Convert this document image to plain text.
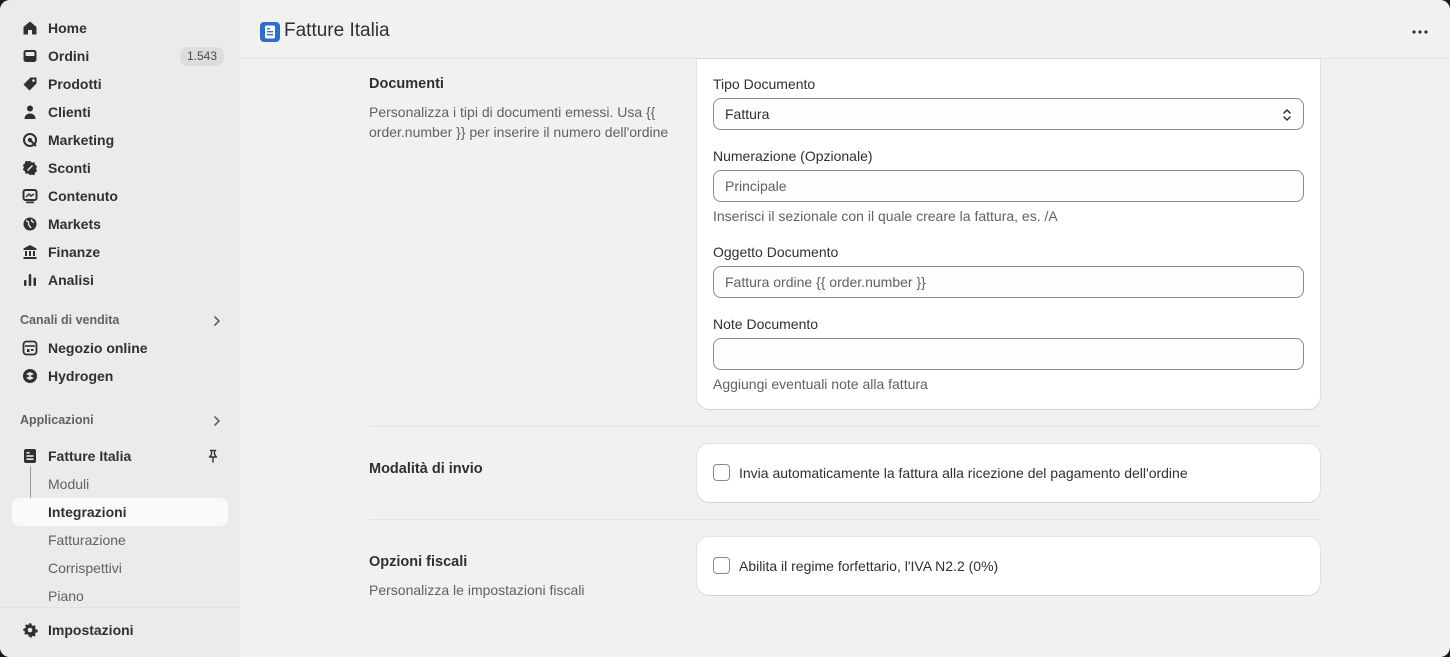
Home
Ordini	1.543
Prodotti
Clienti
Marketing
Sconti
Contenuto
Markets
Finanze
Analisi
Canali di vendita
Negozio online
Hydrogen
Applicazioni
Fatture Italia
Moduli
Integrazioni
Fatturazione
Corrispettivi
Piano
Impostazioni
Fatture Italia
Documenti
Personalizza i tipi di documenti emessi. Usa {{ order.number }} per inserire il numero dell'ordine
Tipo Documento
Fattura
Numerazione (Opzionale)
Principale
Inserisci il sezionale con il quale creare la fattura, es. /A
Oggetto Documento
Fattura ordine {{ order.number }}
Note Documento
Aggiungi eventuali note alla fattura
Modalità di invio	Invia automaticamente la fattura alla ricezione del pagamento dell'ordine
Opzioni fiscali
Personalizza le impostazioni fiscali
Abilita il regime forfettario, l'IVA N2.2 (0%)
